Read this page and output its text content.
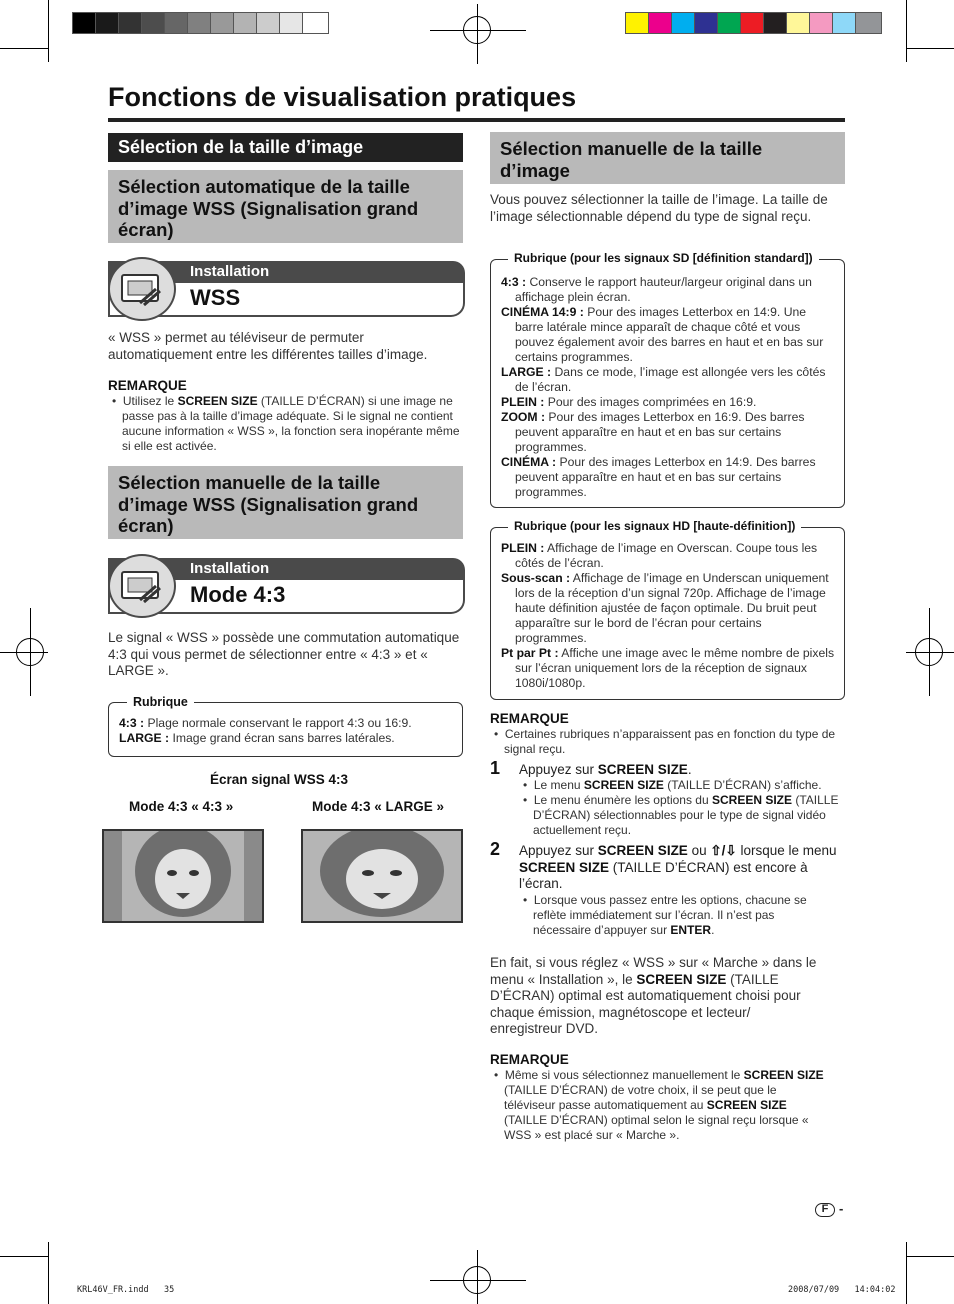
Fonctions de visualisation pratiques
Sélection de la taille d’image
Sélection automatique de la taille d’image WSS (Signalisation grand écran)
Installation
WSS
« WSS » permet au téléviseur de permuter automatiquement entre les différentes tailles d’image.
REMARQUE

•  Utilisez le SCREEN SIZE (TAILLE D’ÉCRAN) si une image ne passe pas à la taille d’image adéquate. Si le signal ne contient aucune information « WSS », la fonction sera inopérante même si elle est activée.

Sélection manuelle de la taille d’image WSS (Signalisation grand écran)
Installation
Mode 4:3
Le signal « WSS » possède une commutation automatique 4:3 qui vous permet de sélectionner entre « 4:3 » et « LARGE ».
Rubrique

4:3 : Plage normale conservant le rapport 4:3 ou 16:9.

LARGE : Image grand écran sans barres latérales.

Écran signal WSS 4:3
Mode 4:3 « 4:3 »	Mode 4:3 « LARGE »
Sélection manuelle de la taille d’image
Vous pouvez sélectionner la taille de l’image. La taille de l’image sélectionnable dépend du type de signal reçu.
Rubrique (pour les signaux SD [définition standard])

4:3 : Conserve le rapport hauteur/largeur original dans un affichage plein écran.

CINÉMA 14:9 : Pour des images Letterbox en 14:9. Une barre latérale mince apparaît de chaque côté et vous pouvez également avoir des barres en haut et en bas sur certains programmes.

LARGE : Dans ce mode, l’image est allongée vers les côtés de l’écran.

PLEIN : Pour des images comprimées en 16:9.

ZOOM : Pour des images Letterbox en 16:9. Des barres peuvent apparaître en haut et en bas sur certains programmes.

CINÉMA : Pour des images Letterbox en 14:9. Des barres peuvent apparaître en haut et en bas sur certains programmes.

Rubrique (pour les signaux HD [haute-définition])

PLEIN : Affichage de l’image en Overscan. Coupe tous les côtés de l’écran.

Sous-scan : Affichage de l’image en Underscan uniquement lors de la réception d’un signal 720p. Affichage de l’image haute définition ajustée de façon optimale. Du bruit peut apparaître sur le bord de l’écran pour certains programmes.

Pt par Pt : Affiche une image avec le même nombre de pixels sur l’écran uniquement lors de la réception de signaux 1080i/1080p.

REMARQUE

•  Certaines rubriques n’apparaissent pas en fonction du type de signal reçu.

1 Appuyez sur SCREEN SIZE.

•  Le menu SCREEN SIZE (TAILLE D’ÉCRAN) s’affiche.

•  Le menu énumère les options du SCREEN SIZE (TAILLE D’ÉCRAN) sélectionnables pour le type de signal vidéo actuellement reçu.

2 Appuyez sur SCREEN SIZE ou ⇧/⇩ lorsque le menu SCREEN SIZE (TAILLE D’ÉCRAN) est encore à l’écran.

•  Lorsque vous passez entre les options, chacune se reflète immédiatement sur l’écran. Il n’est pas nécessaire d’appuyer sur ENTER.

En fait, si vous réglez « WSS » sur « Marche » dans le menu « Installation », le SCREEN SIZE (TAILLE D’ÉCRAN) optimal est automatiquement choisi pour chaque émission, magnétoscope et lecteur/ enregistreur DVD.
REMARQUE

•  Même si vous sélectionnez manuellement le SCREEN SIZE (TAILLE D’ÉCRAN) de votre choix, il se peut que le téléviseur passe automatiquement au SCREEN SIZE (TAILLE D’ÉCRAN) optimal selon le signal reçu lorsque « WSS » est placé sur « Marche ».

F -
KRL46V_FR.indd   35	2008/07/09   14:04:02
